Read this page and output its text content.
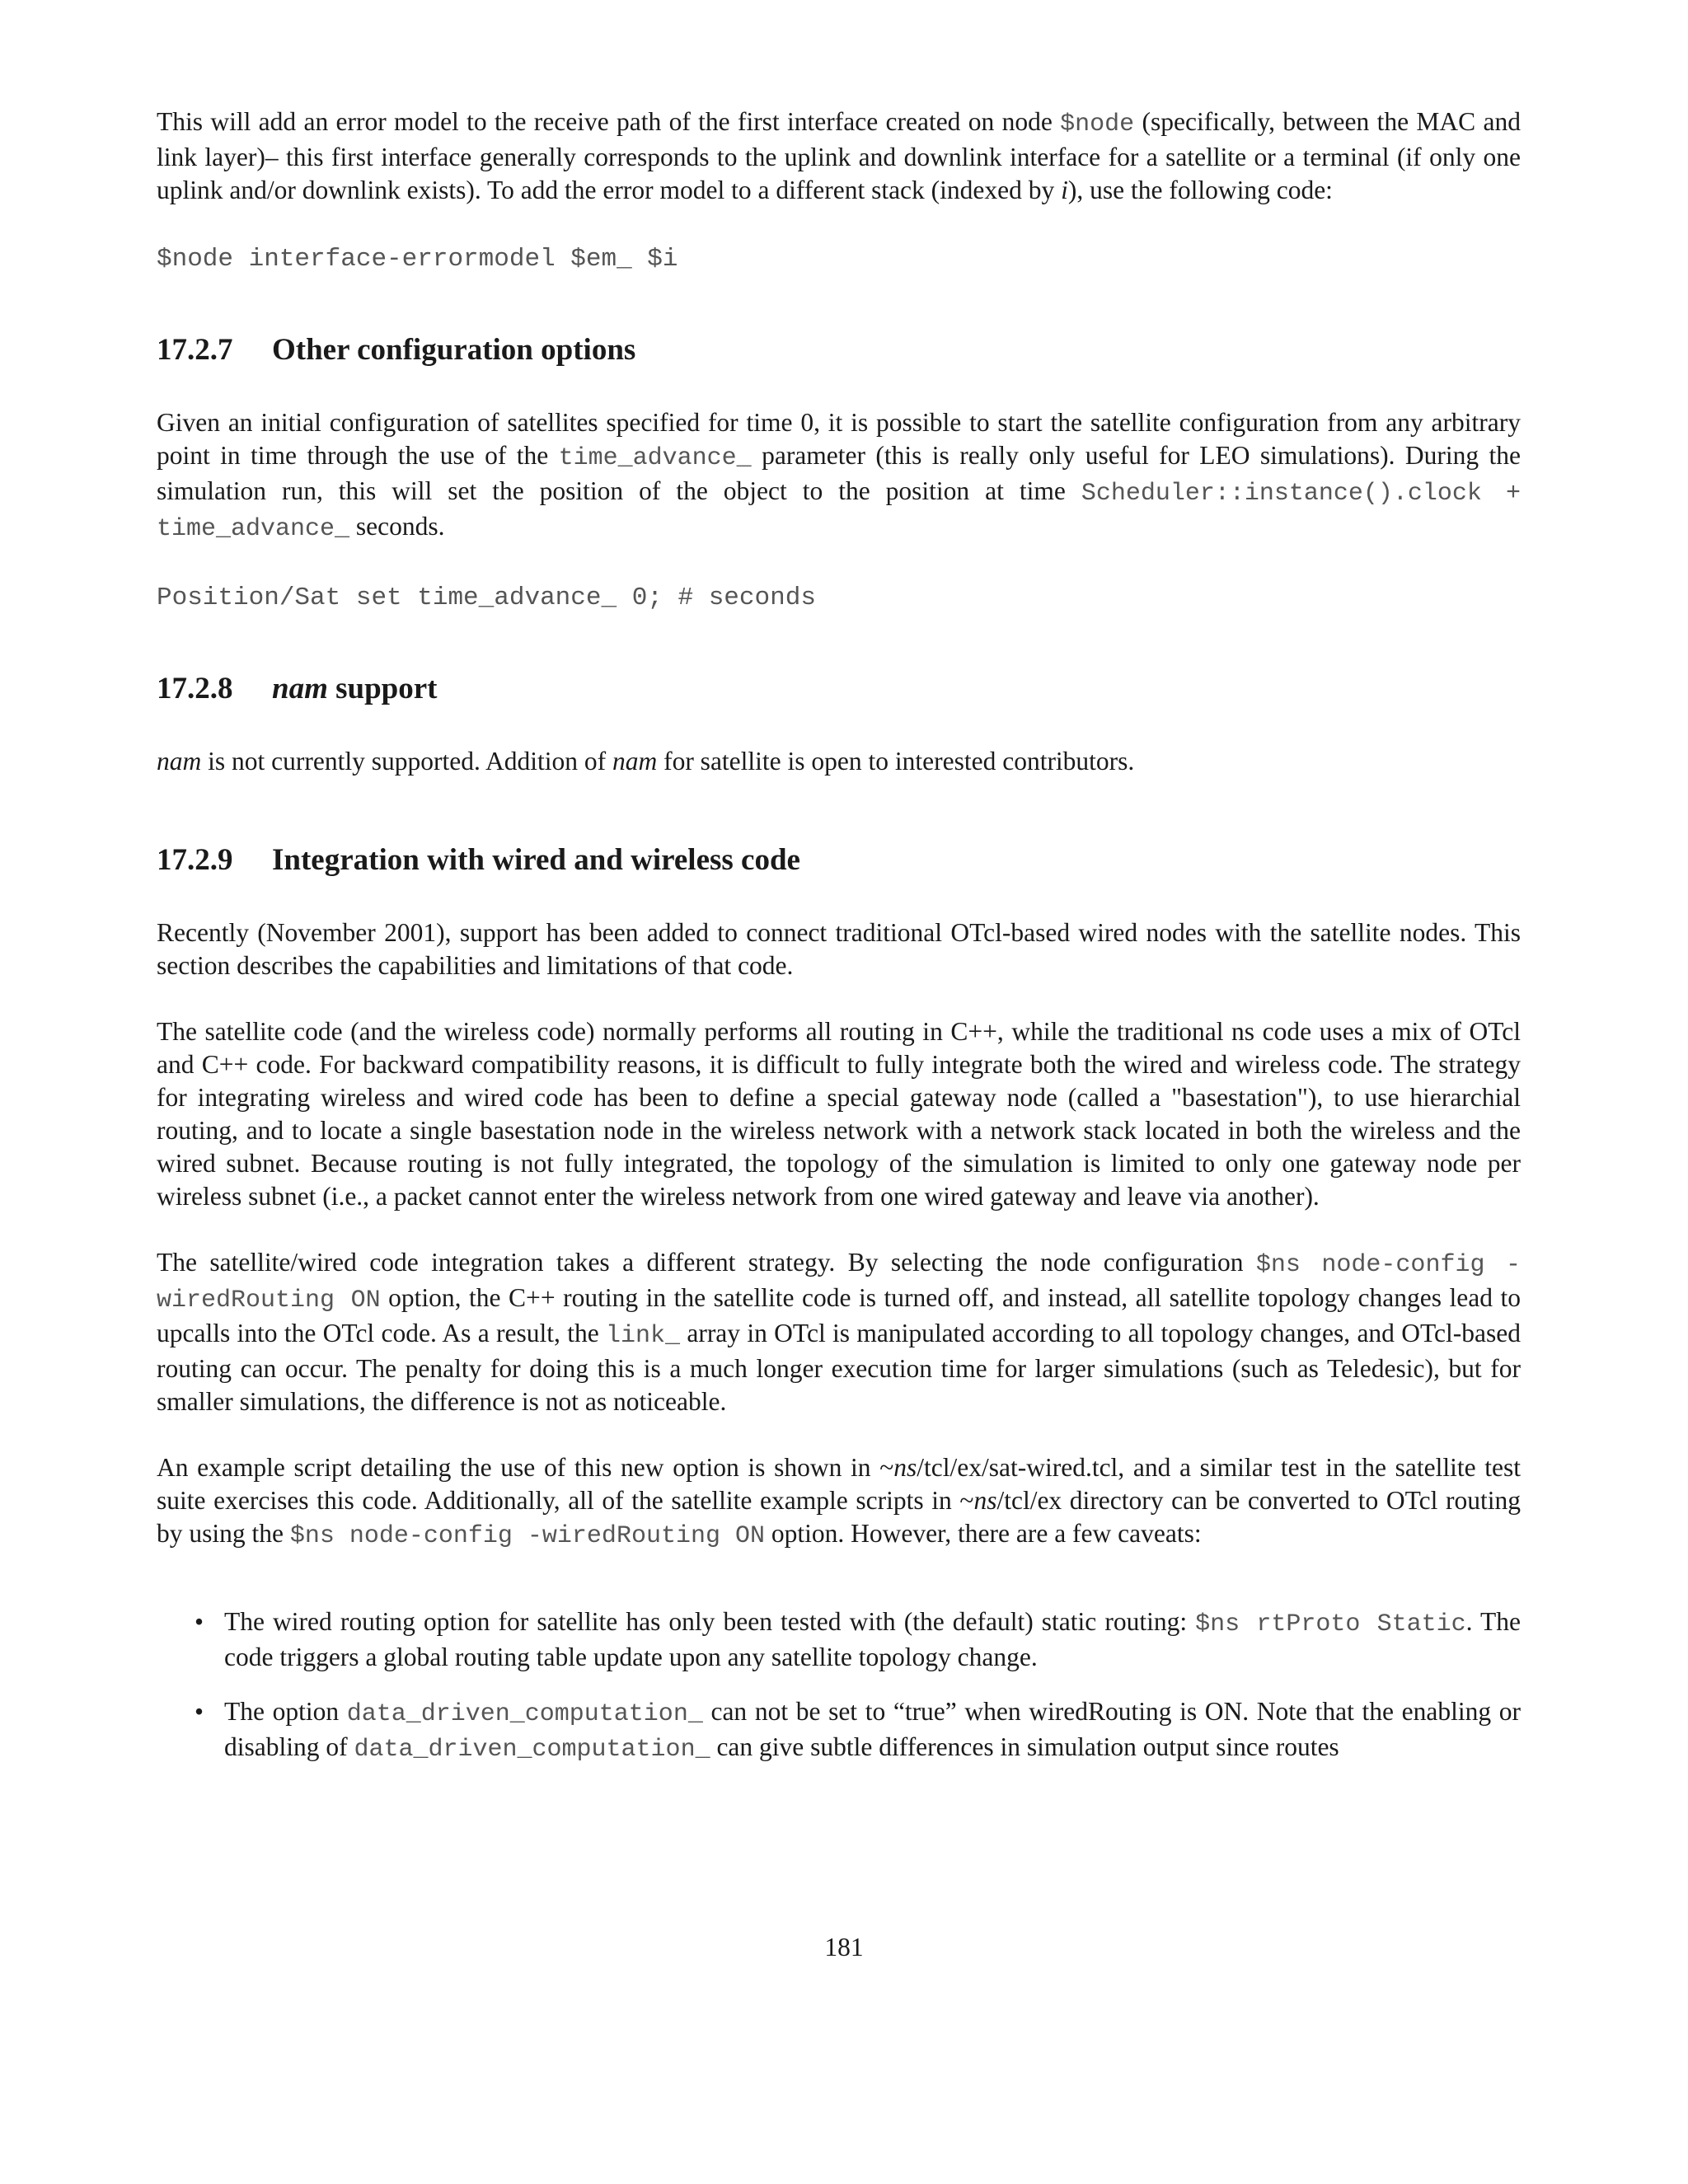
This will add an error model to the receive path of the first interface created on node $node (specifically, between the MAC and link layer)– this first interface generally corresponds to the uplink and downlink interface for a satellite or a terminal (if only one uplink and/or downlink exists). To add the error model to a different stack (indexed by i), use the following code:

$node interface-errormodel $em_ $i

17.2.7 Other configuration options

Given an initial configuration of satellites specified for time 0, it is possible to start the satellite configuration from any arbitrary point in time through the use of the time_advance_ parameter (this is really only useful for LEO simulations). During the simulation run, this will set the position of the object to the position at time Scheduler::instance().clock + time_advance_ seconds.

Position/Sat set time_advance_ 0; # seconds

17.2.8 nam support

nam is not currently supported. Addition of nam for satellite is open to interested contributors.

17.2.9 Integration with wired and wireless code

Recently (November 2001), support has been added to connect traditional OTcl-based wired nodes with the satellite nodes. This section describes the capabilities and limitations of that code.

The satellite code (and the wireless code) normally performs all routing in C++, while the traditional ns code uses a mix of OTcl and C++ code. For backward compatibility reasons, it is difficult to fully integrate both the wired and wireless code. The strategy for integrating wireless and wired code has been to define a special gateway node (called a "basestation"), to use hierarchial routing, and to locate a single basestation node in the wireless network with a network stack located in both the wireless and the wired subnet. Because routing is not fully integrated, the topology of the simulation is limited to only one gateway node per wireless subnet (i.e., a packet cannot enter the wireless network from one wired gateway and leave via another).

The satellite/wired code integration takes a different strategy. By selecting the node configuration $ns node-config -wiredRouting ON option, the C++ routing in the satellite code is turned off, and instead, all satellite topology changes lead to upcalls into the OTcl code. As a result, the link_ array in OTcl is manipulated according to all topology changes, and OTcl-based routing can occur. The penalty for doing this is a much longer execution time for larger simulations (such as Teledesic), but for smaller simulations, the difference is not as noticeable.

An example script detailing the use of this new option is shown in ~ns/tcl/ex/sat-wired.tcl, and a similar test in the satellite test suite exercises this code. Additionally, all of the satellite example scripts in ~ns/tcl/ex directory can be converted to OTcl routing by using the $ns node-config -wiredRouting ON option. However, there are a few caveats:

• The wired routing option for satellite has only been tested with (the default) static routing: $ns rtProto Static. The code triggers a global routing table update upon any satellite topology change.
• The option data_driven_computation_ can not be set to “true” when wiredRouting is ON. Note that the enabling or disabling of data_driven_computation_ can give subtle differences in simulation output since routes
181
